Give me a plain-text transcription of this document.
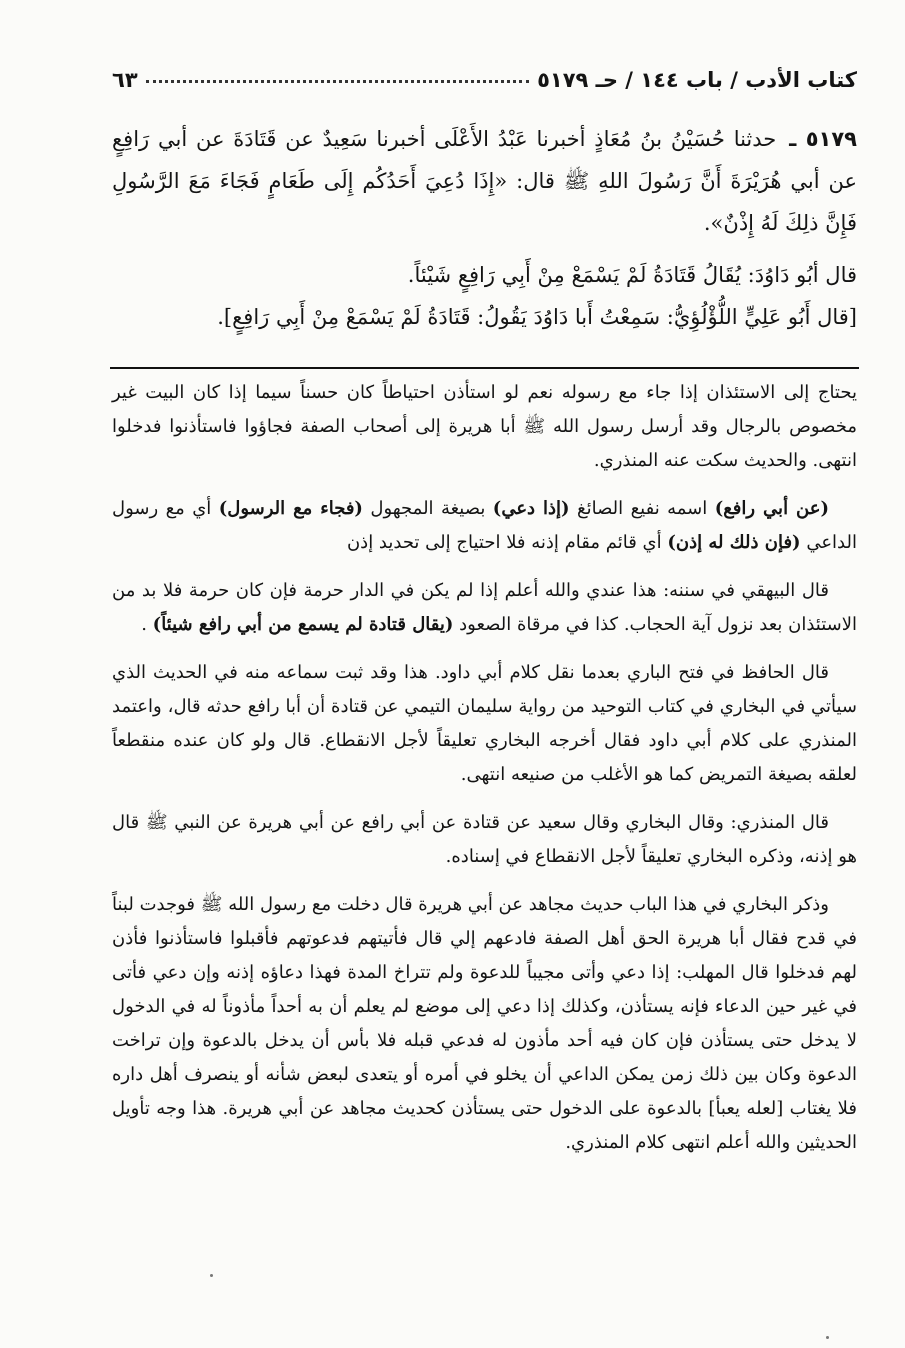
٦٣	كتاب الأدب / باب ١٤٤ / حـ ٥١٧٩

٥١٧٩ ـ حدثنا حُسَيْنُ بنُ مُعَاذٍ أخبرنا عَبْدُ الأَعْلَى أخبرنا سَعِيدٌ عن قَتَادَةَ عن أبي رَافِعٍ عن أبي هُرَيْرَةَ أَنَّ رَسُولَ اللهِ ﷺ قال: «إِذَا دُعِيَ أَحَدُكُم إِلَى طَعَامٍ فَجَاءَ مَعَ الرَّسُولِ فَإِنَّ ذلِكَ لَهُ إِذْنٌ».

قال أبُو دَاوُدَ: يُقَالُ قَتَادَةُ لَمْ يَسْمَعْ مِنْ أَبِي رَافِعٍ شَيْئاً.

[قال أَبُو عَلِيٍّ اللُّؤْلُؤِيُّ: سَمِعْتُ أَبا دَاوُدَ يَقُولُ: قَتَادَةُ لَمْ يَسْمَعْ مِنْ أَبِي رَافِعٍ].

يحتاج إلى الاستئذان إذا جاء مع رسوله نعم لو استأذن احتياطاً كان حسناً سيما إذا كان البيت غير مخصوص بالرجال وقد أرسل رسول الله ﷺ أبا هريرة إلى أصحاب الصفة فجاؤوا فاستأذنوا فدخلوا انتهى. والحديث سكت عنه المنذري.

(عن أبي رافع) اسمه نفيع الصائغ (إذا دعي) بصيغة المجهول (فجاء مع الرسول) أي مع رسول الداعي (فإن ذلك له إذن) أي قائم مقام إذنه فلا احتياج إلى تحديد إذن

قال البيهقي في سننه: هذا عندي والله أعلم إذا لم يكن في الدار حرمة فإن كان حرمة فلا بد من الاستئذان بعد نزول آية الحجاب. كذا في مرقاة الصعود (يقال قتادة لم يسمع من أبي رافع شيئاً) .

قال الحافظ في فتح الباري بعدما نقل كلام أبي داود. هذا وقد ثبت سماعه منه في الحديث الذي سيأتي في البخاري في كتاب التوحيد من رواية سليمان التيمي عن قتادة أن أبا رافع حدثه قال، واعتمد المنذري على كلام أبي داود فقال أخرجه البخاري تعليقاً لأجل الانقطاع. قال ولو كان عنده منقطعاً لعلقه بصيغة التمريض كما هو الأغلب من صنيعه انتهى.

قال المنذري: وقال البخاري وقال سعيد عن قتادة عن أبي رافع عن أبي هريرة عن النبي ﷺ قال هو إذنه، وذكره البخاري تعليقاً لأجل الانقطاع في إسناده.

وذكر البخاري في هذا الباب حديث مجاهد عن أبي هريرة قال دخلت مع رسول الله ﷺ فوجدت لبناً في قدح فقال أبا هريرة الحق أهل الصفة فادعهم إلي قال فأتيتهم فدعوتهم فأقبلوا فاستأذنوا فأذن لهم فدخلوا قال المهلب: إذا دعي وأتى مجيباً للدعوة ولم تتراخ المدة فهذا دعاؤه إذنه وإن دعي فأتى في غير حين الدعاء فإنه يستأذن، وكذلك إذا دعي إلى موضع لم يعلم أن به أحداً مأذوناً له في الدخول لا يدخل حتى يستأذن فإن كان فيه أحد مأذون له فدعي قبله فلا بأس أن يدخل بالدعوة وإن تراخت الدعوة وكان بين ذلك زمن يمكن الداعي أن يخلو في أمره أو يتعدى لبعض شأنه أو ينصرف أهل داره فلا يغتاب [لعله يعبأ] بالدعوة على الدخول حتى يستأذن كحديث مجاهد عن أبي هريرة. هذا وجه تأويل الحديثين والله أعلم انتهى كلام المنذري.
